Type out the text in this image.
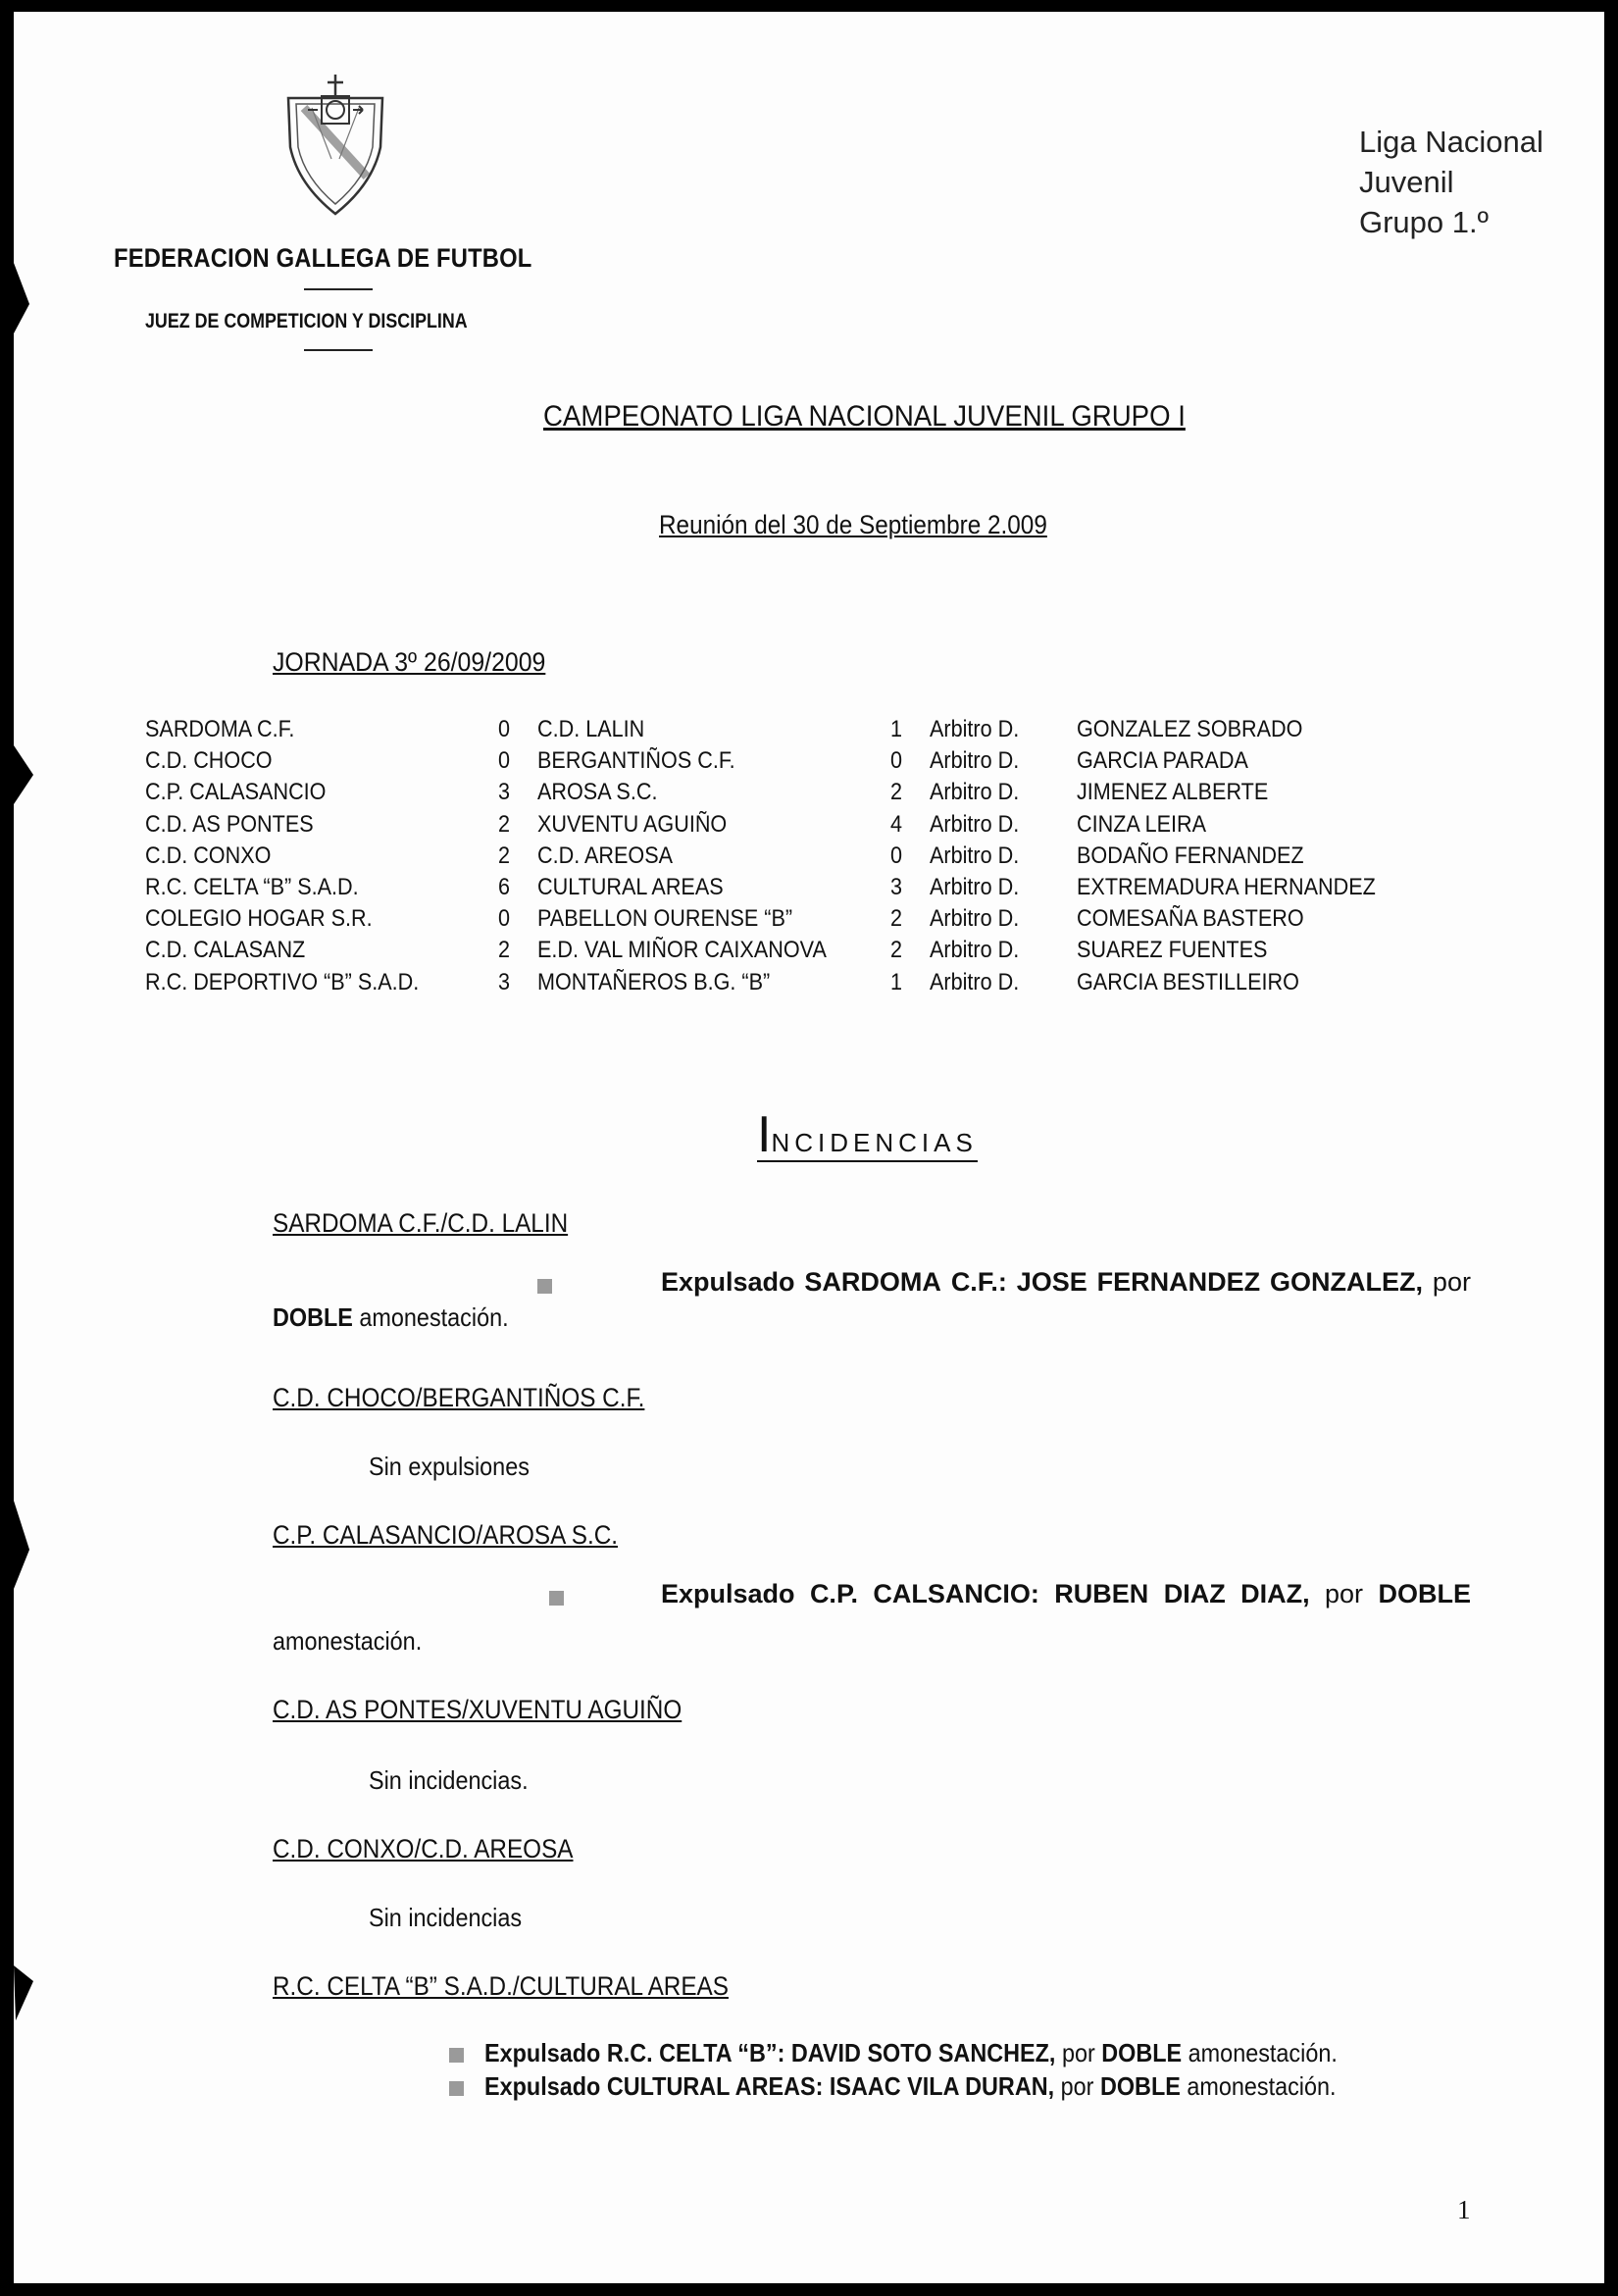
FEDERACION GALLEGA DE FUTBOL
JUEZ DE COMPETICION Y DISCIPLINA
Liga Nacional
Juvenil
Grupo 1.º
CAMPEONATO LIGA NACIONAL JUVENIL GRUPO I
Reunión del 30 de Septiembre 2.009
JORNADA 3º 26/09/2009
SARDOMA C.F.	0 C.D. LALIN	1 Arbitro D. GONZALEZ SOBRADO
C.D. CHOCO	0 BERGANTIÑOS C.F.	0 Arbitro D. GARCIA PARADA
C.P. CALASANCIO	3 AROSA S.C.	2 Arbitro D. JIMENEZ ALBERTE
C.D. AS PONTES	2 XUVENTU AGUIÑO	4 Arbitro D. CINZA LEIRA
C.D. CONXO	2 C.D. AREOSA	0 Arbitro D. BODAÑO FERNANDEZ
R.C. CELTA “B” S.A.D.	6 CULTURAL AREAS	3 Arbitro D. EXTREMADURA HERNANDEZ
COLEGIO HOGAR S.R.	0 PABELLON OURENSE “B”	2 Arbitro D. COMESAÑA BASTERO
C.D. CALASANZ	2 E.D. VAL MIÑOR CAIXANOVA	2 Arbitro D. SUAREZ FUENTES
R.C. DEPORTIVO “B” S.A.D.	3 MONTAÑEROS B.G. “B”	1 Arbitro D. GARCIA BESTILLEIRO
INCIDENCIAS
SARDOMA C.F./C.D. LALIN
Expulsado SARDOMA C.F.: JOSE FERNANDEZ GONZALEZ, por
DOBLE amonestación.
C.D. CHOCO/BERGANTIÑOS C.F.
Sin expulsiones
C.P. CALASANCIO/AROSA S.C.
Expulsado C.P. CALSANCIO: RUBEN DIAZ DIAZ, por DOBLE
amonestación.
C.D. AS PONTES/XUVENTU AGUIÑO
Sin incidencias.
C.D. CONXO/C.D. AREOSA
Sin incidencias
R.C. CELTA “B” S.A.D./CULTURAL AREAS
Expulsado R.C. CELTA “B”: DAVID SOTO SANCHEZ, por DOBLE amonestación.
Expulsado CULTURAL AREAS: ISAAC VILA DURAN, por DOBLE amonestación.
1
